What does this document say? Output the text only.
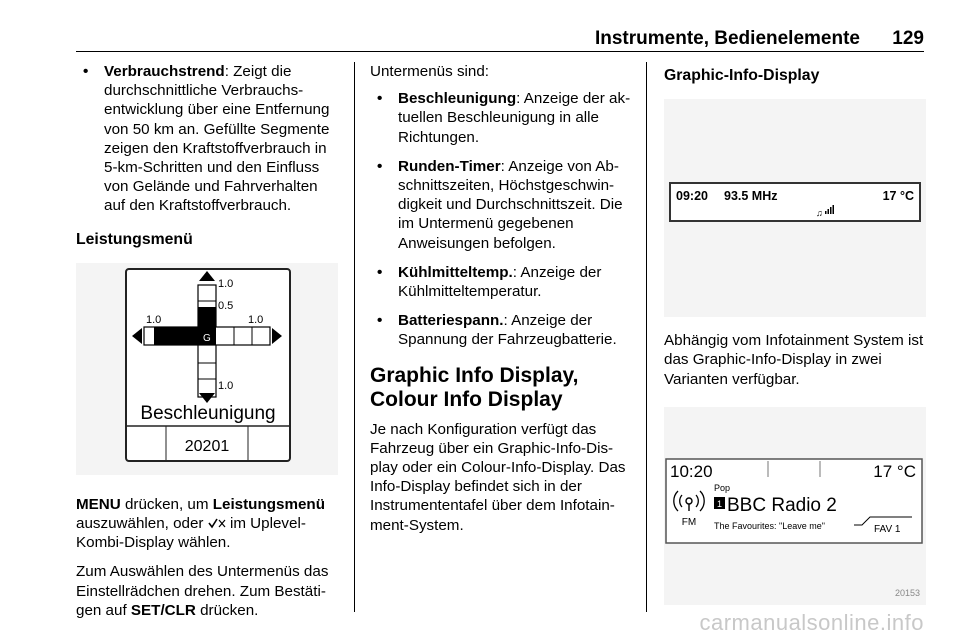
Instrumente, Bedienelemente 129
• Verbrauchstrend: Zeigt die durchschnittliche Verbrauchsentwicklung über eine Entfernung von 50 km an. Gefüllte Segmente zeigen den Kraftstoffverbrauch in 5-km-Schritten und den Einfluss von Gelände und Fahrverhalten auf den Kraftstoffverbrauch.
Leistungsmenü
1.0
0.5
1.0	1.0
1.0
G
Beschleunigung
20201

MENU drücken, um Leistungsmenü auszuwählen, oder  im Uplevel-Kombi-Display wählen.

Zum Auswählen des Untermenüs das Einstellrädchen drehen. Zum Bestätigen auf SET/CLR drücken.

Untermenüs sind:

• Beschleunigung: Anzeige der aktuellen Beschleunigung in alle Richtungen.
• Runden-Timer: Anzeige von Abschnittszeiten, Höchstgeschwindigkeit und Durchschnittszeit. Die im Untermenü gegebenen Anweisungen befolgen.
• Kühlmitteltemp.: Anzeige der Kühlmitteltemperatur.
• Batteriespann.: Anzeige der Spannung der Fahrzeugbatterie.
Graphic Info Display, Colour Info Display

Je nach Konfiguration verfügt das Fahrzeug über ein Graphic-Info-Display oder ein Colour-Info-Display. Das Info-Display befindet sich in der Instrumententafel über dem Infotainment-System.

Graphic-Info-Display
09:20 93.5 MHz	17 °C
♫

Abhängig vom Infotainment System ist das Graphic-Info-Display in zwei Varianten verfügbar.

10:20	17 °C
FM
Pop
1 BBC Radio 2
The Favourites: "Leave me"	FAV 1
20153
carmanualsonline.info
